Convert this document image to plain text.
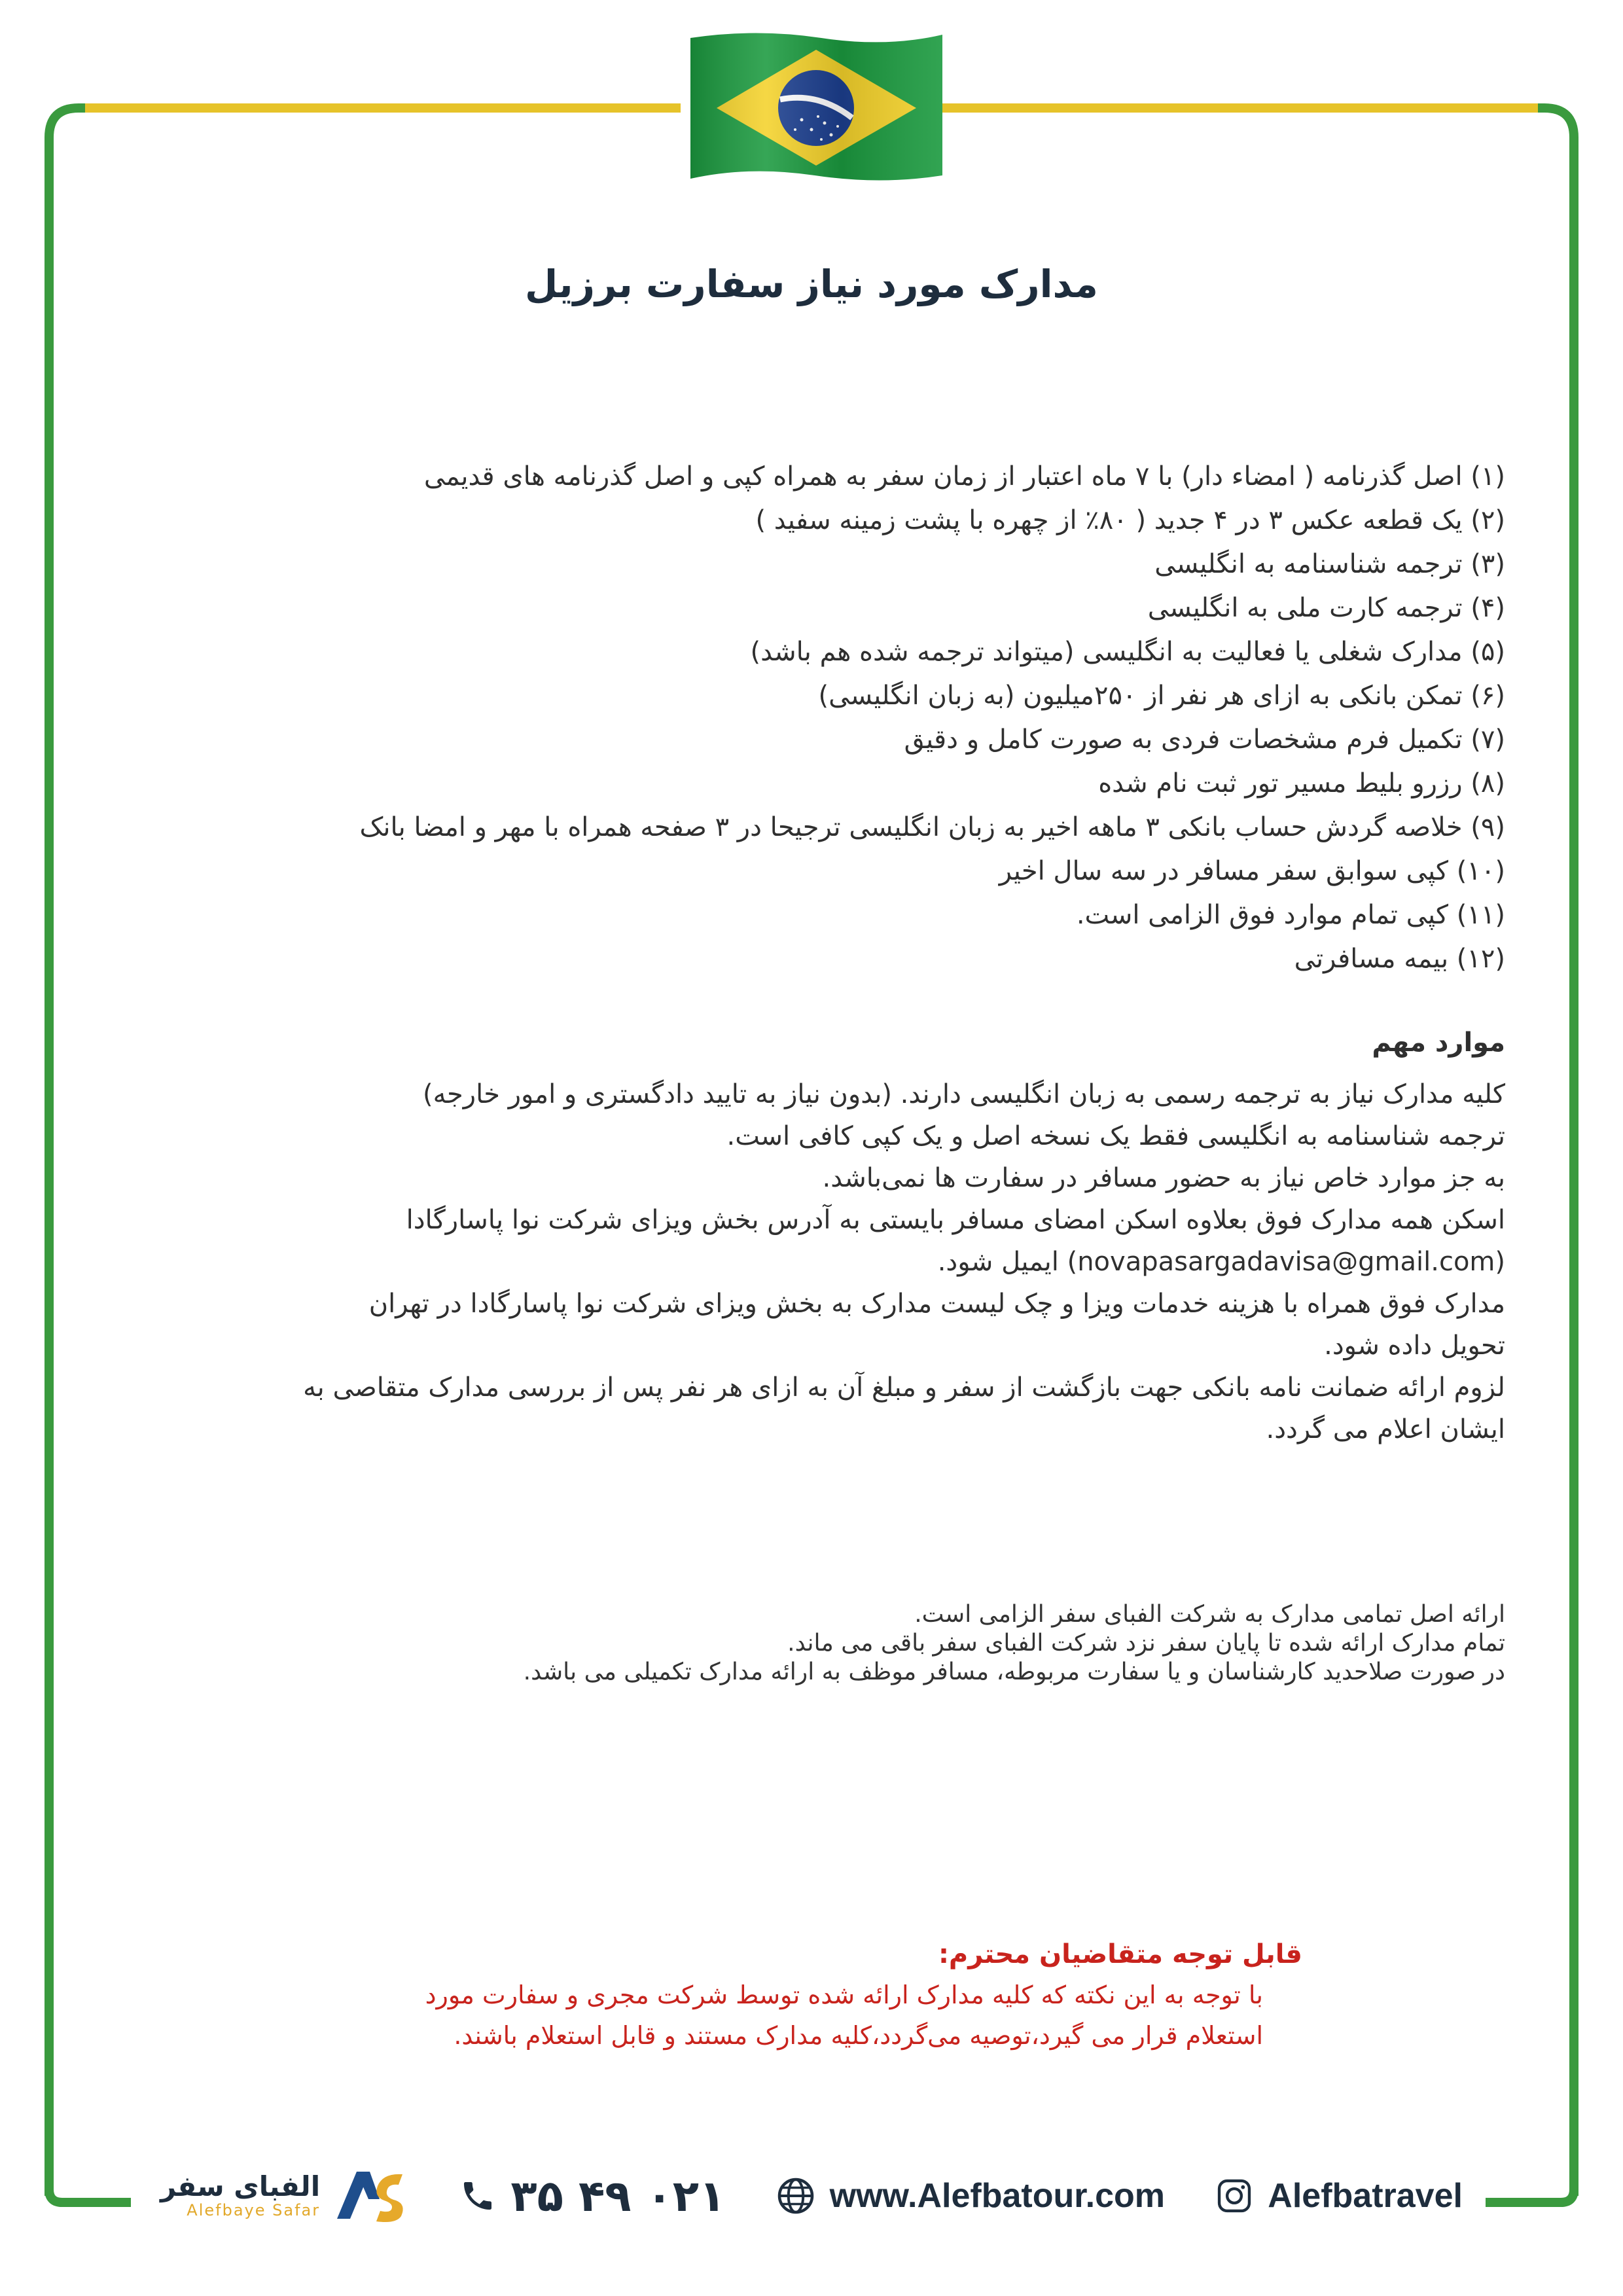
مدارک مورد نیاز سفارت برزیل
(۱) اصل گذرنامه ( امضاء دار) با ۷ ماه اعتبار از زمان سفر به همراه کپی و اصل گذرنامه های قدیمی
(۲) یک قطعه عکس ۳ در ۴ جدید ( ۸۰٪ از چهره با پشت زمینه سفید )
(۳) ترجمه شناسنامه به انگلیسی
(۴) ترجمه کارت ملی به انگلیسی
(۵) مدارک شغلی یا فعالیت به انگلیسی (میتواند ترجمه شده هم باشد)
(۶) تمکن بانکی به ازای هر نفر از ۲۵۰میلیون (به زبان انگلیسی)
(۷) تکمیل فرم مشخصات فردی به صورت کامل و دقیق
(۸) رزرو بلیط مسیر تور ثبت نام شده
(۹) خلاصه گردش حساب بانکی ۳ ماهه اخیر به زبان انگلیسی ترجیحا در ۳ صفحه همراه با مهر و امضا بانک
(۱۰) کپی سوابق سفر مسافر در سه سال اخیر
(۱۱) کپی تمام موارد فوق الزامی است.
(۱۲) بیمه مسافرتی
موارد مهم
کلیه مدارک نیاز به ترجمه رسمی به زبان انگلیسی دارند. (بدون نیاز به تایید دادگستری و امور خارجه)
ترجمه شناسنامه به انگلیسی فقط یک نسخه اصل و یک کپی کافی است.
به جز موارد خاص نیاز به حضور مسافر در سفارت ها نمی‌باشد.
اسکن همه مدارک فوق بعلاوه اسکن امضای مسافر بایستی به آدرس بخش ویزای شرکت نوا پاسارگادا
(novapasargadavisa@gmail.com) ایمیل شود.
مدارک فوق همراه با هزینه خدمات ویزا و چک لیست مدارک به بخش ویزای شرکت نوا پاسارگادا در تهران
تحویل داده شود.
لزوم ارائه ضمانت نامه بانکی جهت بازگشت از سفر و مبلغ آن به ازای هر نفر پس از بررسی مدارک متقاصی به
ایشان اعلام می گردد.
ارائه اصل تمامی مدارک به شرکت الفبای سفر الزامی است.
تمام مدارک ارائه شده تا پایان سفر نزد شرکت الفبای سفر باقی می ماند.
در صورت صلاحدید کارشناسان و یا سفارت مربوطه، مسافر موظف به ارائه مدارک تکمیلی می باشد.
قابل توجه متقاضیان محترم:
با توجه به این نکته که کلیه مدارک ارائه شده توسط شرکت مجری و سفارت مورد
استعلام قرار می گیرد،توصیه می‌گردد،کلیه مدارک مستند و قابل استعلام باشند.
الفبای سفر
Alefbaye Safar	۰۲۱ ۴۹ ۳۵	www.Alefbatour.com	Alefbatravel
